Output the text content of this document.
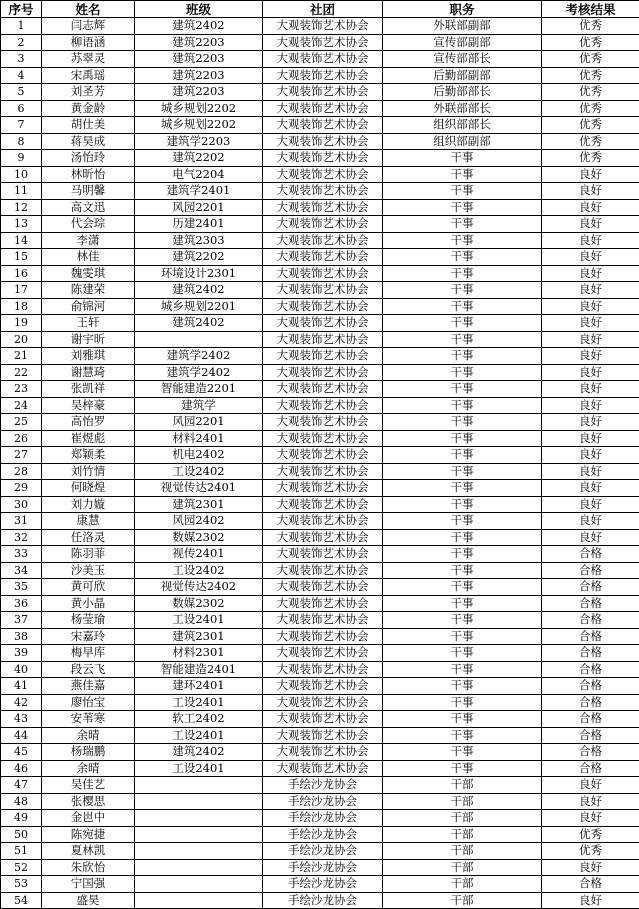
序号	姓名	班级	社团	职务	考核结果
1	闫志辉	建筑2402	大观装饰艺术协会	外联部副部	优秀
2	柳语涵	建筑2203	大观装饰艺术协会	宣传部副部	优秀
3	苏翠灵	建筑2203	大观装饰艺术协会	宣传部部长	优秀
4	宋禹瑶	建筑2203	大观装饰艺术协会	后勤部副部	优秀
5	刘圣芳	建筑2203	大观装饰艺术协会	后勤部部长	优秀
6	黄金龄	城乡规划2202	大观装饰艺术协会	外联部部长	优秀
7	胡仕美	城乡规划2202	大观装饰艺术协会	组织部部长	优秀
8	蒋昊成	建筑学2203	大观装饰艺术协会	组织部副部	优秀
9	汤怡玲	建筑2202	大观装饰艺术协会	干事	优秀
10	林昕怡	电气2204	大观装饰艺术协会	干事	良好
11	马明馨	建筑学2401	大观装饰艺术协会	干事	良好
12	高文迅	风园2201	大观装饰艺术协会	干事	良好
13	代会琮	历建2401	大观装饰艺术协会	干事	良好
14	李潇	建筑2303	大观装饰艺术协会	干事	良好
15	林佳	建筑2202	大观装饰艺术协会	干事	良好
16	魏雯琪	环境设计2301	大观装饰艺术协会	干事	良好
17	陈建荣	建筑2402	大观装饰艺术协会	干事	良好
18	俞锦河	城乡规划2201	大观装饰艺术协会	干事	良好
19	王轩	建筑2402	大观装饰艺术协会	干事	良好
20	谢宇昕		大观装饰艺术协会	干事	良好
21	刘雅琪	建筑学2402	大观装饰艺术协会	干事	良好
22	谢慧琦	建筑学2402	大观装饰艺术协会	干事	良好
23	张凯祥	智能建造2201	大观装饰艺术协会	干事	良好
24	吴梓豪	建筑学	大观装饰艺术协会	干事	良好
25	高怡罗	风园2201	大观装饰艺术协会	干事	良好
26	崔煜彪	材料2401	大观装饰艺术协会	干事	良好
27	郑颖柔	机电2402	大观装饰艺术协会	干事	良好
28	刘竹情	工设2402	大观装饰艺术协会	干事	良好
29	何晓煌	视觉传达2401	大观装饰艺术协会	干事	良好
30	刘力嫙	建筑2301	大观装饰艺术协会	干事	良好
31	康慧	风园2402	大观装饰艺术协会	干事	良好
32	任洛灵	数媒2302	大观装饰艺术协会	干事	良好
33	陈羽菲	视传2401	大观装饰艺术协会	干事	合格
34	沙美玉	工设2402	大观装饰艺术协会	干事	合格
35	黄可欣	视觉传达2402	大观装饰艺术协会	干事	合格
36	黄小晶	数媒2302	大观装饰艺术协会	干事	合格
37	杨莹瑜	工设2401	大观装饰艺术协会	干事	合格
38	宋嘉玲	建筑2301	大观装饰艺术协会	干事	合格
39	梅早库	材料2301	大观装饰艺术协会	干事	合格
40	段云飞	智能建造2401	大观装饰艺术协会	干事	合格
41	燕佳嘉	建环2401	大观装饰艺术协会	干事	合格
42	廖怡宝	工设2401	大观装饰艺术协会	干事	合格
43	安苇寒	软工2402	大观装饰艺术协会	干事	合格
44	余晴	工设2401	大观装饰艺术协会	干事	合格
45	杨瑞鹏	建筑2402	大观装饰艺术协会	干事	合格
46	余晴	工设2401	大观装饰艺术协会	干事	合格
47	吴佳艺		手绘沙龙协会	干部	良好
48	张樱思		手绘沙龙协会	干部	良好
49	金岜中		手绘沙龙协会	干部	良好
50	陈宛捷		手绘沙龙协会	干部	优秀
51	夏林凯		手绘沙龙协会	干部	优秀
52	朱欣怡		手绘沙龙协会	干部	良好
53	宁国强		手绘沙龙协会	干部	合格
54	盛昊		手绘沙龙协会	干部	良好
